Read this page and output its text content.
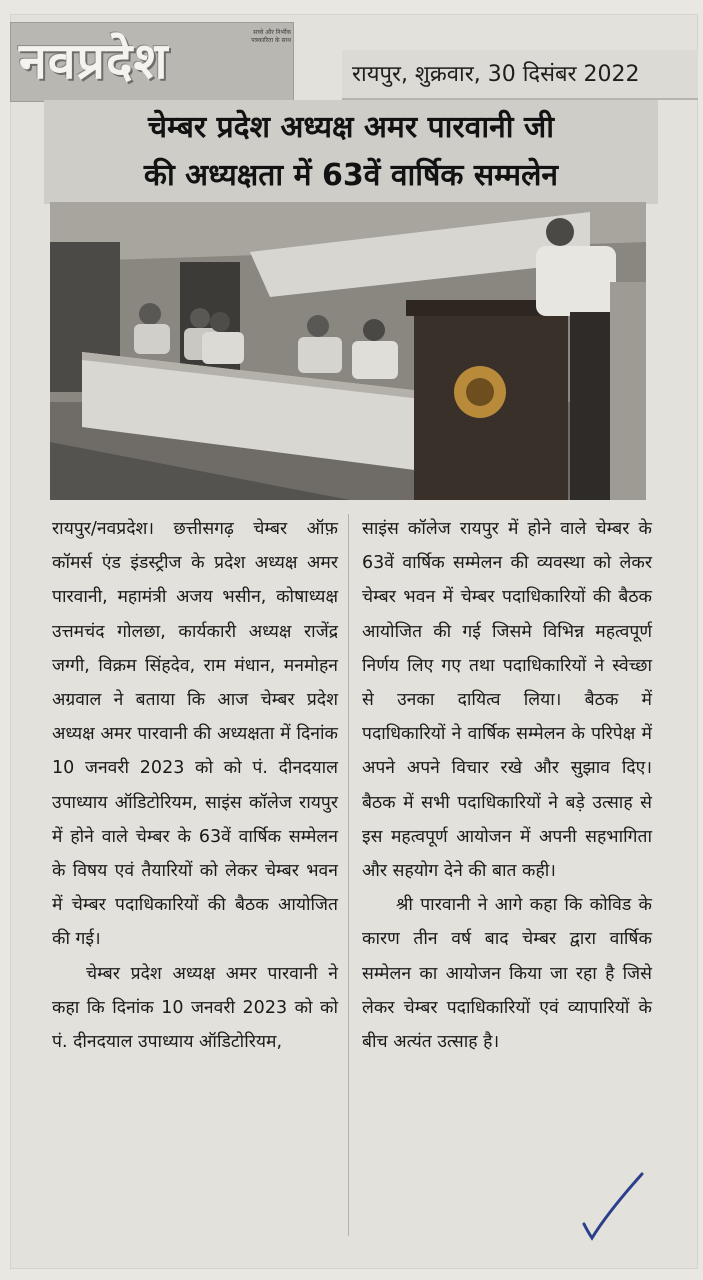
नवप्रदेश	सच्चे और निर्भीक पत्रकारिता के साथ
रायपुर, शुक्रवार, 30 दिसंबर 2022
चेम्बर प्रदेश अध्यक्ष अमर पारवानी जी
की अध्यक्षता में 63वें वार्षिक सम्मलेन

रायपुर/नवप्रदेश। छत्तीसगढ़ चेम्बर ऑफ़ कॉमर्स एंड इंडस्ट्रीज के प्रदेश अध्यक्ष अमर पारवानी, महामंत्री अजय भसीन, कोषाध्यक्ष उत्तमचंद गोलछा, कार्यकारी अध्यक्ष राजेंद्र जग्गी, विक्रम सिंहदेव, राम मंधान, मनमोहन अग्रवाल ने बताया कि आज चेम्बर प्रदेश अध्यक्ष अमर पारवानी की अध्यक्षता में दिनांक 10 जनवरी 2023 को को पं. दीनदयाल उपाध्याय ऑडिटोरियम, साइंस कॉलेज रायपुर में होने वाले चेम्बर के 63वें वार्षिक सम्मेलन के विषय एवं तैयारियों को लेकर चेम्बर भवन में चेम्बर पदाधिकारियों की बैठक आयोजित की गई।

चेम्बर प्रदेश अध्यक्ष अमर पारवानी ने कहा कि दिनांक 10 जनवरी 2023 को को पं. दीनदयाल उपाध्याय ऑडिटोरियम,

साइंस कॉलेज रायपुर में होने वाले चेम्बर के 63वें वार्षिक सम्मेलन की व्यवस्था को लेकर चेम्बर भवन में चेम्बर पदाधिकारियों की बैठक आयोजित की गई जिसमे विभिन्न महत्वपूर्ण निर्णय लिए गए तथा पदाधिकारियों ने स्वेच्छा से उनका दायित्व लिया। बैठक में पदाधिकारियों ने वार्षिक सम्मेलन के परिपेक्ष में अपने अपने विचार रखे और सुझाव दिए। बैठक में सभी पदाधिकारियों ने बड़े उत्साह से इस महत्वपूर्ण आयोजन में अपनी सहभागिता और सहयोग देने की बात कही।

श्री पारवानी ने आगे कहा कि कोविड के कारण तीन वर्ष बाद चेम्बर द्वारा वार्षिक सम्मेलन का आयोजन किया जा रहा है जिसे लेकर चेम्बर पदाधिकारियों एवं व्यापारियों के बीच अत्यंत उत्साह है।
